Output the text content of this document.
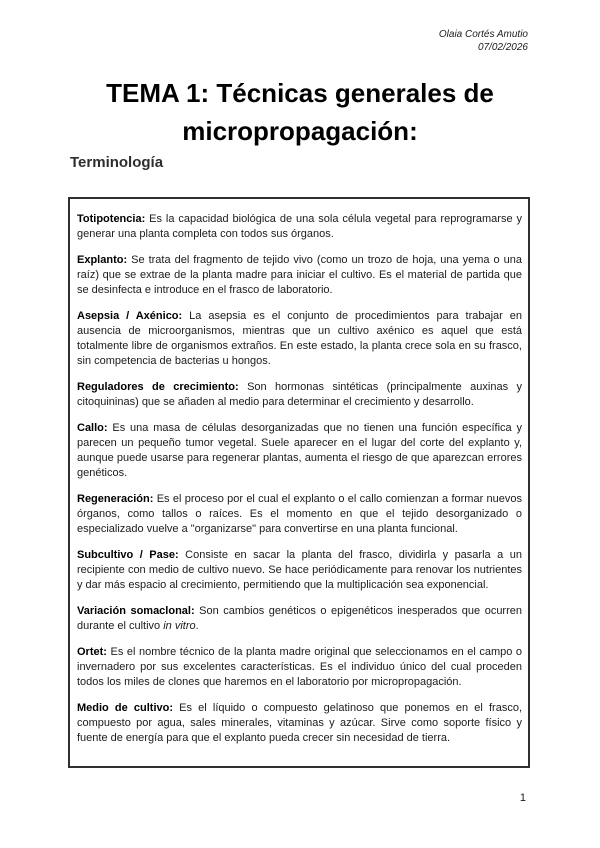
Olaia Cortés Amutio
07/02/2026
TEMA 1: Técnicas generales de
micropropagación:
Terminología

Totipotencia: Es la capacidad biológica de una sola célula vegetal para reprogramarse y generar una planta completa con todos sus órganos.

Explanto: Se trata del fragmento de tejido vivo (como un trozo de hoja, una yema o una raíz) que se extrae de la planta madre para iniciar el cultivo. Es el material de partida que se desinfecta e introduce en el frasco de laboratorio.

Asepsia / Axénico: La asepsia es el conjunto de procedimientos para trabajar en ausencia de microorganismos, mientras que un cultivo axénico es aquel que está totalmente libre de organismos extraños. En este estado, la planta crece sola en su frasco, sin competencia de bacterias u hongos.

Reguladores de crecimiento: Son hormonas sintéticas (principalmente auxinas y citoquininas) que se añaden al medio para determinar el crecimiento y desarrollo.

Callo: Es una masa de células desorganizadas que no tienen una función específica y parecen un pequeño tumor vegetal. Suele aparecer en el lugar del corte del explanto y, aunque puede usarse para regenerar plantas, aumenta el riesgo de que aparezcan errores genéticos.

Regeneración: Es el proceso por el cual el explanto o el callo comienzan a formar nuevos órganos, como tallos o raíces. Es el momento en que el tejido desorganizado o especializado vuelve a "organizarse" para convertirse en una planta funcional.

Subcultivo / Pase: Consiste en sacar la planta del frasco, dividirla y pasarla a un recipiente con medio de cultivo nuevo. Se hace periódicamente para renovar los nutrientes y dar más espacio al crecimiento, permitiendo que la multiplicación sea exponencial.

Variación somaclonal: Son cambios genéticos o epigenéticos inesperados que ocurren durante el cultivo in vitro.

Ortet: Es el nombre técnico de la planta madre original que seleccionamos en el campo o invernadero por sus excelentes características. Es el individuo único del cual proceden todos los miles de clones que haremos en el laboratorio por micropropagación.

Medio de cultivo: Es el líquido o compuesto gelatinoso que ponemos en el frasco, compuesto por agua, sales minerales, vitaminas y azúcar. Sirve como soporte físico y fuente de energía para que el explanto pueda crecer sin necesidad de tierra.

1
